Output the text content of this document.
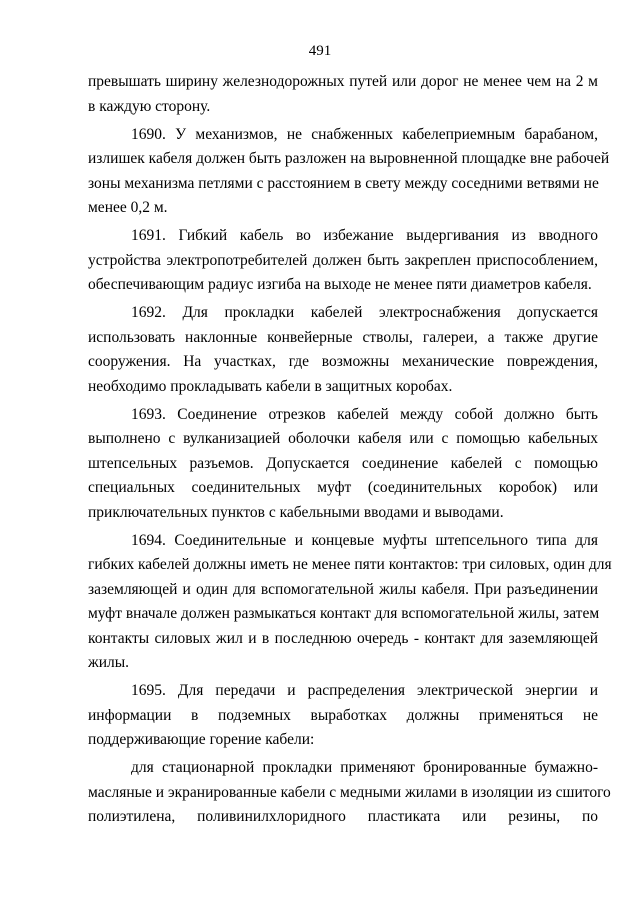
491

превышать ширину железнодорожных путей или дорог не менее чем на 2 м
в каждую сторону.

1690. У механизмов, не снабженных кабелеприемным барабаном,
излишек кабеля должен быть разложен на выровненной площадке вне рабочей
зоны механизма петлями с расстоянием в свету между соседними ветвями не
менее 0,2 м.

1691. Гибкий кабель во избежание выдергивания из вводного
устройства электропотребителей должен быть закреплен приспособлением,
обеспечивающим радиус изгиба на выходе не менее пяти диаметров кабеля.

1692. Для прокладки кабелей электроснабжения допускается
использовать наклонные конвейерные стволы, галереи, а также другие
сооружения. На участках, где возможны механические повреждения,
необходимо прокладывать кабели в защитных коробах.

1693. Соединение отрезков кабелей между собой должно быть
выполнено с вулканизацией оболочки кабеля или с помощью кабельных
штепсельных разъемов. Допускается соединение кабелей с помощью
специальных соединительных муфт (соединительных коробок) или
приключательных пунктов с кабельными вводами и выводами.

1694. Соединительные и концевые муфты штепсельного типа для
гибких кабелей должны иметь не менее пяти контактов: три силовых, один для
заземляющей и один для вспомогательной жилы кабеля. При разъединении
муфт вначале должен размыкаться контакт для вспомогательной жилы, затем
контакты силовых жил и в последнюю очередь - контакт для заземляющей
жилы.

1695. Для передачи и распределения электрической энергии и
информации в подземных выработках должны применяться не
поддерживающие горение кабели:

для стационарной прокладки применяют бронированные бумажно-
масляные и экранированные кабели с медными жилами в изоляции из сшитого
полиэтилена, поливинилхлоридного пластиката или резины, по
